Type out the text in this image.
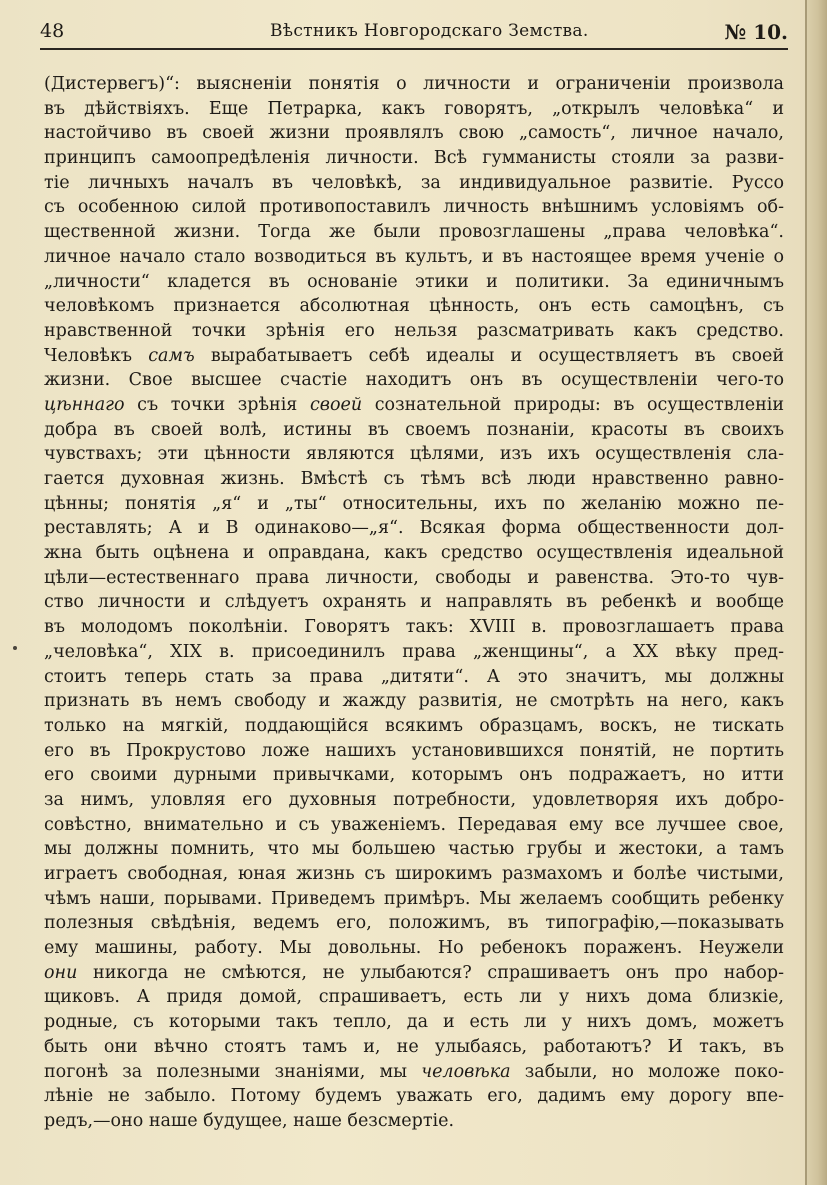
48	Вѣстникъ Новгородскаго Земства.	№ 10.
(Дистервегъ)“: выясненіи понятія о личности и ограниченіи произвола
въ дѣйствіяхъ. Еще Петрарка, какъ говорятъ, „открылъ человѣка“ и
настойчиво въ своей жизни проявлялъ свою „самость“, личное начало,
принципъ самоопредѣленія личности. Всѣ гумманисты стояли за разви-
тіе личныхъ началъ въ человѣкѣ, за индивидуальное развитіе. Руссо
съ особенною силой противопоставилъ личность внѣшнимъ условіямъ об-
щественной жизни. Тогда же были провозглашены „права человѣка“.
личное начало стало возводиться въ культъ, и въ настоящее время ученіе о
„личности“ кладется въ основаніе этики и политики. За единичнымъ
человѣкомъ признается абсолютная цѣнность, онъ есть самоцѣнъ, съ
нравственной точки зрѣнія его нельзя разсматривать какъ средство.
Человѣкъ самъ вырабатываетъ себѣ идеалы и осуществляетъ въ своей
жизни. Свое высшее счастіе находитъ онъ въ осуществленіи чего-то
цѣннаго съ точки зрѣнія своей сознательной природы: въ осуществленіи
добра въ своей волѣ, истины въ своемъ познаніи, красоты въ своихъ
чувствахъ; эти цѣнности являются цѣлями, изъ ихъ осуществленія сла-
гается духовная жизнь. Вмѣстѣ съ тѣмъ всѣ люди нравственно равно-
цѣнны; понятія „я“ и „ты“ относительны, ихъ по желанію можно пе-
реставлять; А и В одинаково—„я“. Всякая форма общественности дол-
жна быть оцѣнена и оправдана, какъ средство осуществленія идеальной
цѣли—естественнаго права личности, свободы и равенства. Это-то чув-
ство личности и слѣдуетъ охранять и направлять въ ребенкѣ и вообще
въ молодомъ поколѣніи. Говорятъ такъ: XVIII в. провозглашаетъ права
„человѣка“, XIX в. присоединилъ права „женщины“, а XX вѣку пред-
стоитъ теперь стать за права „дитяти“. А это значитъ, мы должны
признать въ немъ свободу и жажду развитія, не смотрѣть на него, какъ
только на мягкій, поддающійся всякимъ образцамъ, воскъ, не тискать
его въ Прокрустово ложе нашихъ установившихся понятій, не портить
его своими дурными привычками, которымъ онъ подражаетъ, но итти
за нимъ, уловляя его духовныя потребности, удовлетворяя ихъ добро-
совѣстно, внимательно и съ уваженіемъ. Передавая ему все лучшее свое,
мы должны помнить, что мы большею частью грубы и жестоки, а тамъ
играетъ свободная, юная жизнь съ широкимъ размахомъ и болѣе чистыми,
чѣмъ наши, порывами. Приведемъ примѣръ. Мы желаемъ сообщить ребенку
полезныя свѣдѣнія, ведемъ его, положимъ, въ типографію,—показывать
ему машины, работу. Мы довольны. Но ребенокъ пораженъ. Неужели
они никогда не смѣются, не улыбаются? спрашиваетъ онъ про набор-
щиковъ. А придя домой, спрашиваетъ, есть ли у нихъ дома близкіе,
родные, съ которыми такъ тепло, да и есть ли у нихъ домъ, можетъ
быть они вѣчно стоятъ тамъ и, не улыбаясь, работаютъ? И такъ, въ
погонѣ за полезными знаніями, мы человѣка забыли, но моложе поко-
лѣніе не забыло. Потому будемъ уважать его, дадимъ ему дорогу впе-
редъ,—оно наше будущее, наше безсмертіе.
